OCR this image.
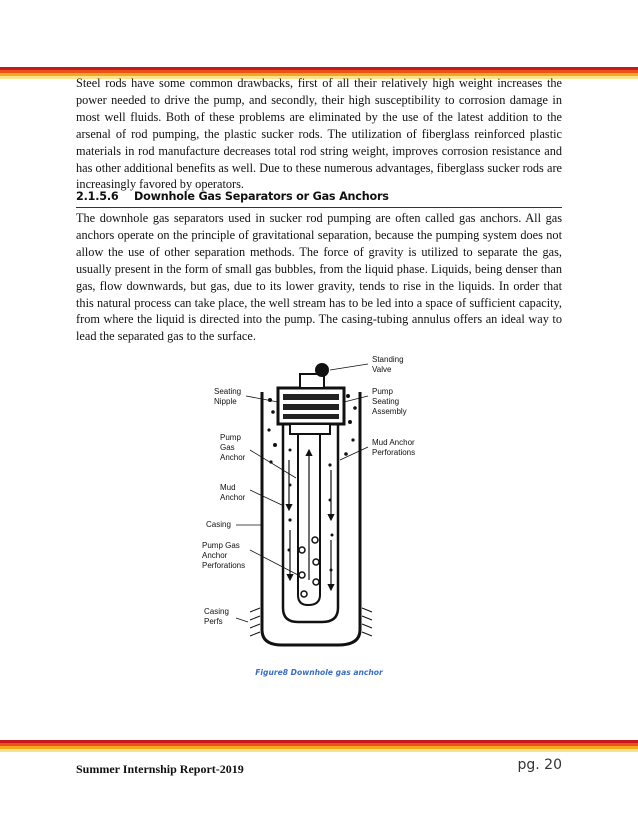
Steel rods have some common drawbacks, first of all their relatively high weight increases the power needed to drive the pump, and secondly, their high susceptibility to corrosion damage in most well fluids. Both of these problems are eliminated by the use of the latest addition to the arsenal of rod pumping, the plastic sucker rods. The utilization of fiberglass reinforced plastic materials in rod manufacture decreases total rod string weight, improves corrosion resistance and has other additional benefits as well. Due to these numerous advantages, fiberglass sucker rods are increasingly favored by operators.

2.1.5.6 Downhole Gas Separators or Gas Anchors

The downhole gas separators used in sucker rod pumping are often called gas anchors. All gas anchors operate on the principle of gravitational separation, because the pumping system does not allow the use of other separation methods. The force of gravity is utilized to separate the gas, usually present in the form of small gas bubbles, from the liquid phase. Liquids, being denser than gas, flow downwards, but gas, due to its lower gravity, tends to rise in the liquids. In order that this natural process can take place, the well stream has to be led into a space of sufficient capacity, from where the liquid is directed into the pump. The casing-tubing annulus offers an ideal way to lead the separated gas to the surface.

Standing
Valve
Seating
Nipple
Pump
Seating
Assembly
Mud Anchor
Perforations
Pump
Gas
Anchor
Mud
Anchor
Casing
Pump Gas
Anchor
Perforations
Casing
Perfs

Figure8 Downhole gas anchor

Summer Internship Report-2019	pg. 20
